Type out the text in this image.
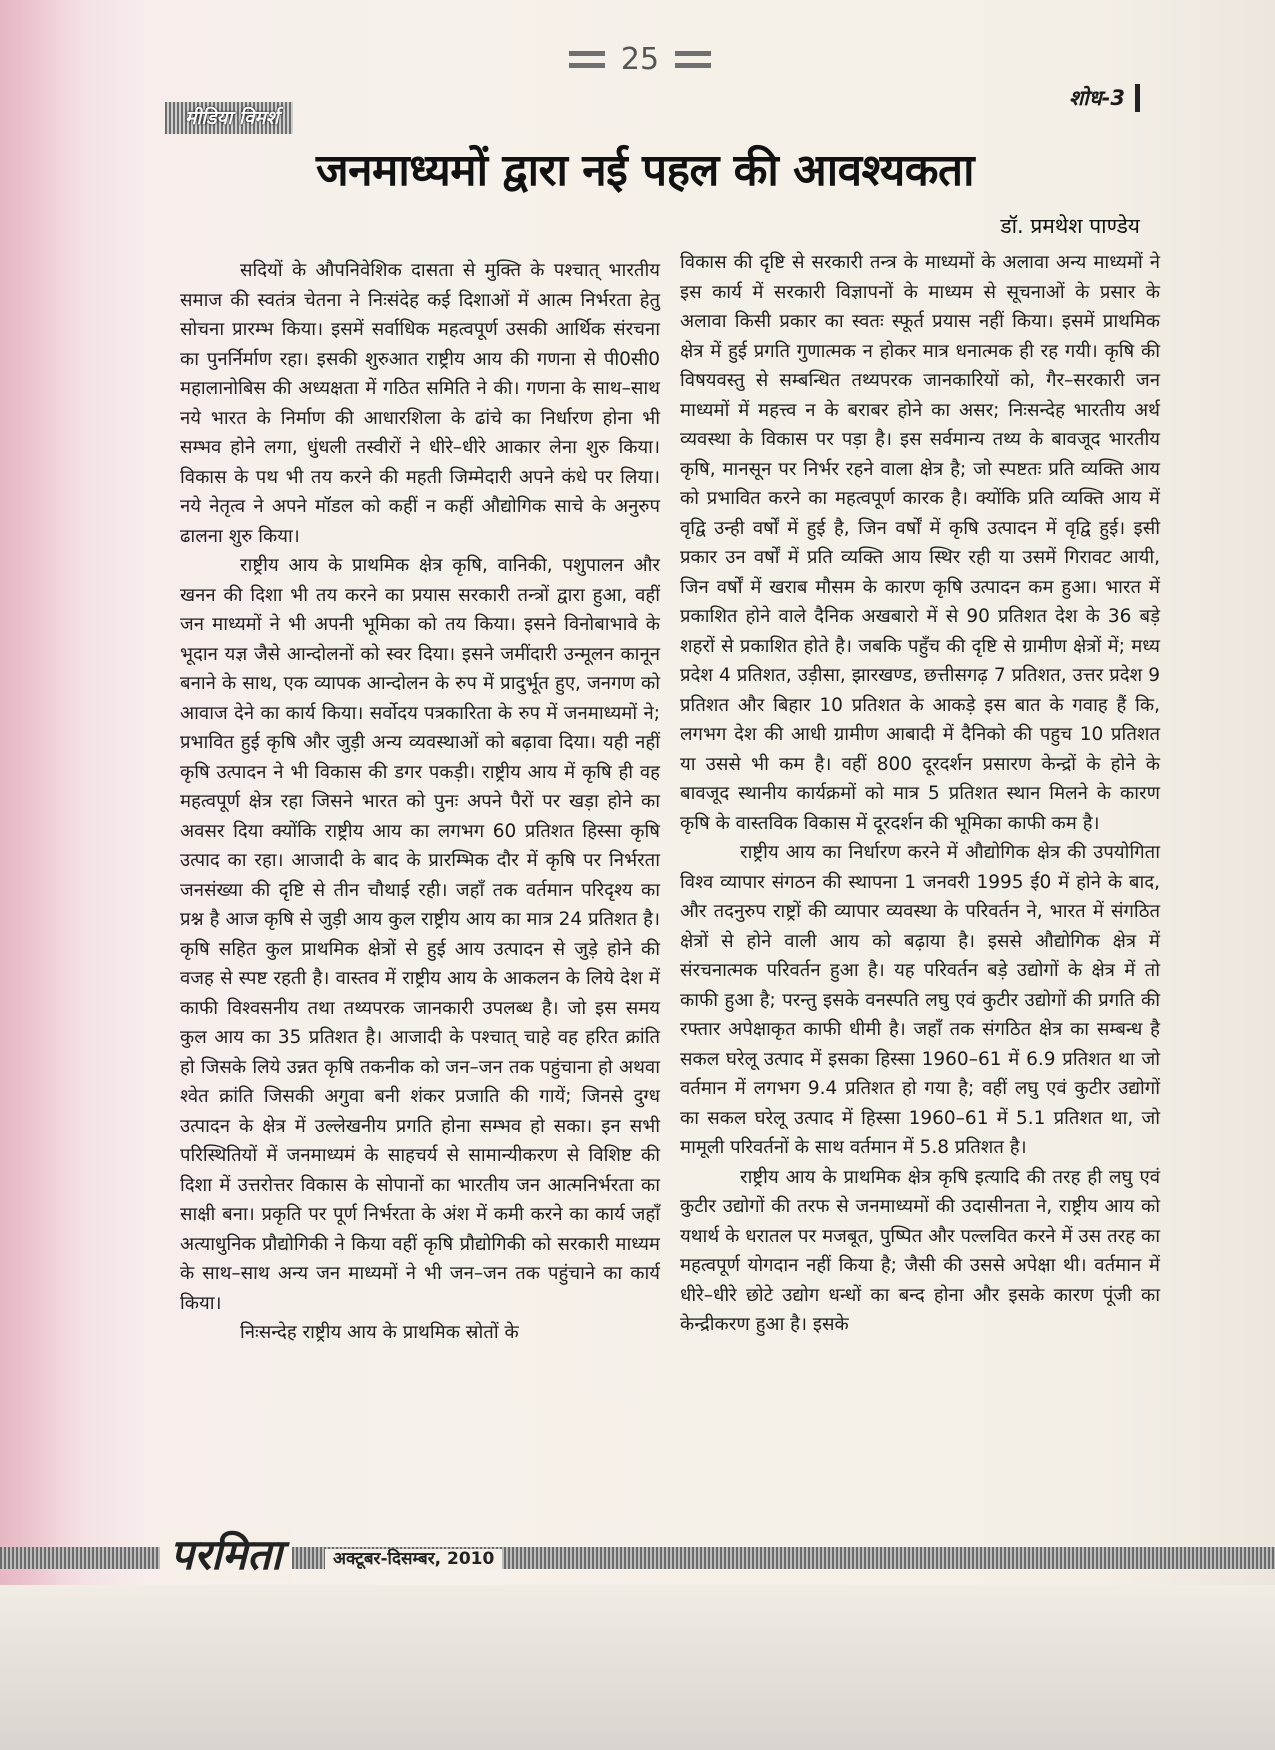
25
मीडिया विमर्श
शोध-3
जनमाध्यमों द्वारा नई पहल की आवश्यकता
डॉ. प्रमथेश पाण्डेय

सदियों के औपनिवेशिक दासता से मुक्ति के पश्चात् भारतीय समाज की स्वतंत्र चेतना ने निःसंदेह कई दिशाओं में आत्म निर्भरता हेतु सोचना प्रारम्भ किया। इसमें सर्वाधिक महत्वपूर्ण उसकी आर्थिक संरचना का पुनर्निर्माण रहा। इसकी शुरुआत राष्ट्रीय आय की गणना से पी0सी0 महालानोबिस की अध्यक्षता में गठित समिति ने की। गणना के साथ–साथ नये भारत के निर्माण की आधारशिला के ढांचे का निर्धारण होना भी सम्भव होने लगा, धुंधली तस्वीरों ने धीरे–धीरे आकार लेना शुरु किया। विकास के पथ भी तय करने की महती जिम्मेदारी अपने कंधे पर लिया। नये नेतृत्व ने अपने मॉडल को कहीं न कहीं औद्योगिक साचे के अनुरुप ढालना शुरु किया।

राष्ट्रीय आय के प्राथमिक क्षेत्र कृषि, वानिकी, पशुपालन और खनन की दिशा भी तय करने का प्रयास सरकारी तन्त्रों द्वारा हुआ, वहीं जन माध्यमों ने भी अपनी भूमिका को तय किया। इसने विनोबाभावे के भूदान यज्ञ जैसे आन्दोलनों को स्वर दिया। इसने जमींदारी उन्मूलन कानून बनाने के साथ, एक व्यापक आन्दोलन के रुप में प्रादुर्भूत हुए, जनगण को आवाज देने का कार्य किया। सर्वोदय पत्रकारिता के रुप में जनमाध्यमों ने; प्रभावित हुई कृषि और जुड़ी अन्य व्यवस्थाओं को बढ़ावा दिया। यही नहीं कृषि उत्पादन ने भी विकास की डगर पकड़ी। राष्ट्रीय आय में कृषि ही वह महत्वपूर्ण क्षेत्र रहा जिसने भारत को पुनः अपने पैरों पर खड़ा होने का अवसर दिया क्योंकि राष्ट्रीय आय का लगभग 60 प्रतिशत हिस्सा कृषि उत्पाद का रहा। आजादी के बाद के प्रारम्भिक दौर में कृषि पर निर्भरता जनसंख्या की दृष्टि से तीन चौथाई रही। जहाँ तक वर्तमान परिदृश्य का प्रश्न है आज कृषि से जुड़ी आय कुल राष्ट्रीय आय का मात्र 24 प्रतिशत है। कृषि सहित कुल प्राथमिक क्षेत्रों से हुई आय उत्पादन से जुड़े होने की वजह से स्पष्ट रहती है। वास्तव में राष्ट्रीय आय के आकलन के लिये देश में काफी विश्वसनीय तथा तथ्यपरक जानकारी उपलब्ध है। जो इस समय कुल आय का 35 प्रतिशत है। आजादी के पश्चात् चाहे वह हरित क्रांति हो जिसके लिये उन्नत कृषि तकनीक को जन–जन तक पहुंचाना हो अथवा श्वेत क्रांति जिसकी अगुवा बनी शंकर प्रजाति की गायें; जिनसे दुग्ध उत्पादन के क्षेत्र में उल्लेखनीय प्रगति होना सम्भव हो सका। इन सभी परिस्थितियों में जनमाध्यमं के साहचर्य से सामान्यीकरण से विशिष्ट की दिशा में उत्तरोत्तर विकास के सोपानों का भारतीय जन आत्मनिर्भरता का साक्षी बना। प्रकृति पर पूर्ण निर्भरता के अंश में कमी करने का कार्य जहाँ अत्याधुनिक प्रौद्योगिकी ने किया वहीं कृषि प्रौद्योगिकी को सरकारी माध्यम के साथ–साथ अन्य जन माध्यमों ने भी जन–जन तक पहुंचाने का कार्य किया।

निःसन्देह राष्ट्रीय आय के प्राथमिक स्रोतों के

विकास की दृष्टि से सरकारी तन्त्र के माध्यमों के अलावा अन्य माध्यमों ने इस कार्य में सरकारी विज्ञापनों के माध्यम से सूचनाओं के प्रसार के अलावा किसी प्रकार का स्वतः स्फूर्त प्रयास नहीं किया। इसमें प्राथमिक क्षेत्र में हुई प्रगति गुणात्मक न होकर मात्र धनात्मक ही रह गयी। कृषि की विषयवस्तु से सम्बन्धित तथ्यपरक जानकारियों को, गैर–सरकारी जन माध्यमों में महत्त्व न के बराबर होने का असर; निःसन्देह भारतीय अर्थ व्यवस्था के विकास पर पड़ा है। इस सर्वमान्य तथ्य के बावजूद भारतीय कृषि, मानसून पर निर्भर रहने वाला क्षेत्र है; जो स्पष्टतः प्रति व्यक्ति आय को प्रभावित करने का महत्वपूर्ण कारक है। क्योंकि प्रति व्यक्ति आय में वृद्वि उन्ही वर्षों में हुई है, जिन वर्षों में कृषि उत्पादन में वृद्वि हुई। इसी प्रकार उन वर्षों में प्रति व्यक्ति आय स्थिर रही या उसमें गिरावट आयी, जिन वर्षों में खराब मौसम के कारण कृषि उत्पादन कम हुआ। भारत में प्रकाशित होने वाले दैनिक अखबारो में से 90 प्रतिशत देश के 36 बड़े शहरों से प्रकाशित होते है। जबकि पहुँच की दृष्टि से ग्रामीण क्षेत्रों में; मध्य प्रदेश 4 प्रतिशत, उड़ीसा, झारखण्ड, छत्तीसगढ़ 7 प्रतिशत, उत्तर प्रदेश 9 प्रतिशत और बिहार 10 प्रतिशत के आकड़े इस बात के गवाह हैं कि, लगभग देश की आधी ग्रामीण आबादी में दैनिको की पहुच 10 प्रतिशत या उससे भी कम है। वहीं 800 दूरदर्शन प्रसारण केन्द्रों के होने के बावजूद स्थानीय कार्यक्रमों को मात्र 5 प्रतिशत स्थान मिलने के कारण कृषि के वास्तविक विकास में दूरदर्शन की भूमिका काफी कम है।

राष्ट्रीय आय का निर्धारण करने में औद्योगिक क्षेत्र की उपयोगिता विश्व व्यापार संगठन की स्थापना 1 जनवरी 1995 ई0 में होने के बाद, और तदनुरुप राष्ट्रों की व्यापार व्यवस्था के परिवर्तन ने, भारत में संगठित क्षेत्रों से होने वाली आय को बढ़ाया है। इससे औद्योगिक क्षेत्र में संरचनात्मक परिवर्तन हुआ है। यह परिवर्तन बड़े उद्योगों के क्षेत्र में तो काफी हुआ है; परन्तु इसके वनस्पति लघु एवं कुटीर उद्योगों की प्रगति की रफ्तार अपेक्षाकृत काफी धीमी है। जहाँ तक संगठित क्षेत्र का सम्बन्ध है सकल घरेलू उत्पाद में इसका हिस्सा 1960–61 में 6.9 प्रतिशत था जो वर्तमान में लगभग 9.4 प्रतिशत हो गया है; वहीं लघु एवं कुटीर उद्योगों का सकल घरेलू उत्पाद में हिस्सा 1960–61 में 5.1 प्रतिशत था, जो मामूली परिवर्तनों के साथ वर्तमान में 5.8 प्रतिशत है।

राष्ट्रीय आय के प्राथमिक क्षेत्र कृषि इत्यादि की तरह ही लघु एवं कुटीर उद्योगों की तरफ से जनमाध्यमों की उदासीनता ने, राष्ट्रीय आय को यथार्थ के धरातल पर मजबूत, पुष्पित और पल्लवित करने में उस तरह का महत्वपूर्ण योगदान नहीं किया है; जैसी की उससे अपेक्षा थी। वर्तमान में धीरे–धीरे छोटे उद्योग धन्धों का बन्द होना और इसके कारण पूंजी का केन्द्रीकरण हुआ है। इसके

परमिता	अक्टूबर-दिसम्बर, 2010
